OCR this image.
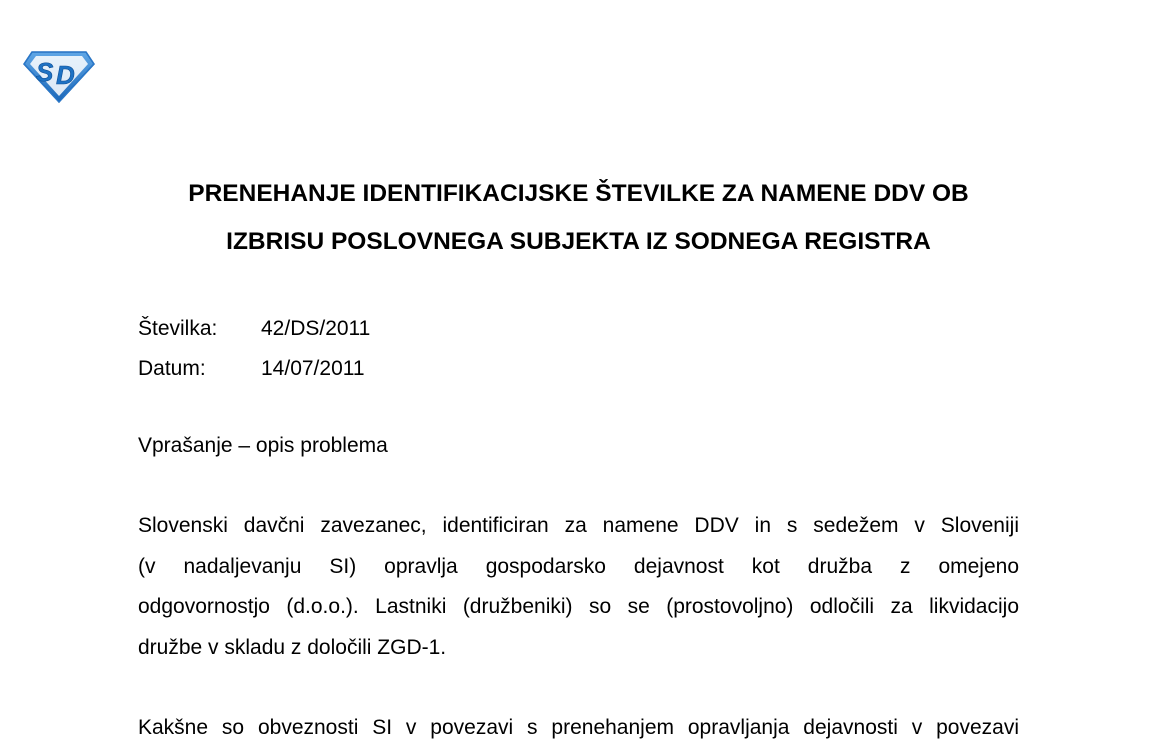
S D
PRENEHANJE IDENTIFIKACIJSKE ŠTEVILKE ZA NAMENE DDV OB
IZBRISU POSLOVNEGA SUBJEKTA IZ SODNEGA REGISTRA
Številka:	42/DS/2011
Datum:	14/07/2011
Vprašanje – opis problema
Slovenski davčni zavezanec, identificiran za namene DDV in s sedežem v Sloveniji
(v nadaljevanju SI) opravlja gospodarsko dejavnost kot družba z omejeno
odgovornostjo (d.o.o.). Lastniki (družbeniki) so se (prostovoljno) odločili za likvidacijo
družbe v skladu z določili ZGD-1.
Kakšne so obveznosti SI v povezavi s prenehanjem opravljanja dejavnosti v povezavi
